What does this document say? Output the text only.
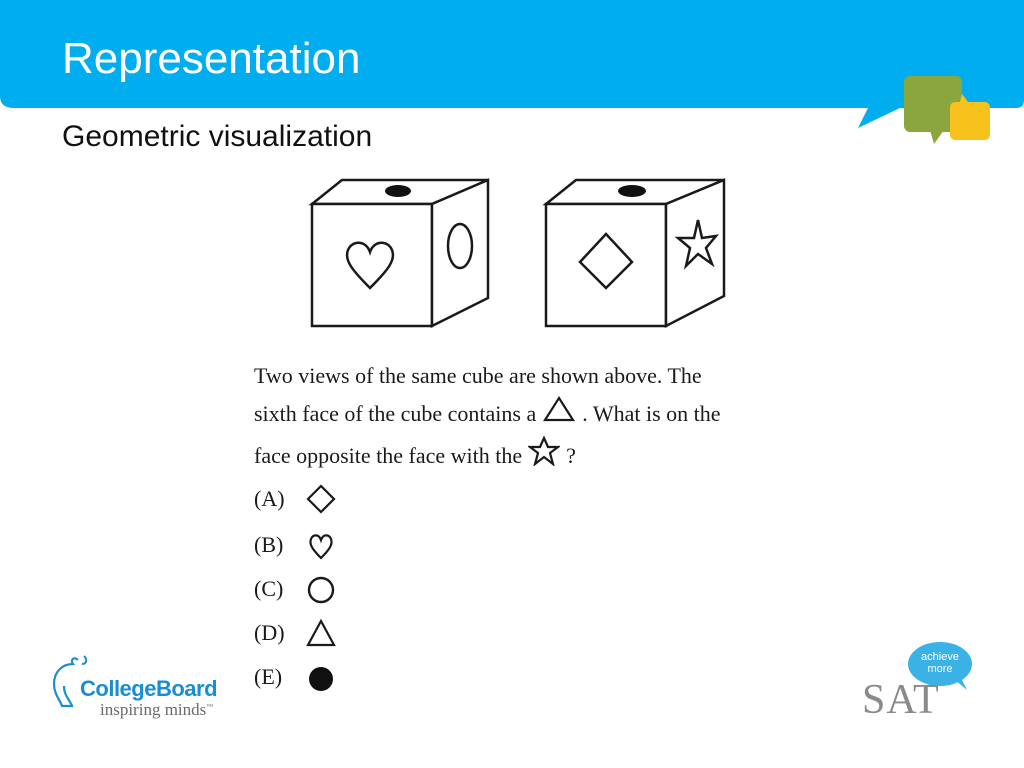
Representation
Geometric visualization
Two views of the same cube are shown above. The
sixth face of the cube contains a . What is on the
face opposite the face with the ?
(A)
(B)
(C)
(D)
(E)
CollegeBoard
inspiring minds™
achieve
more
SAT
